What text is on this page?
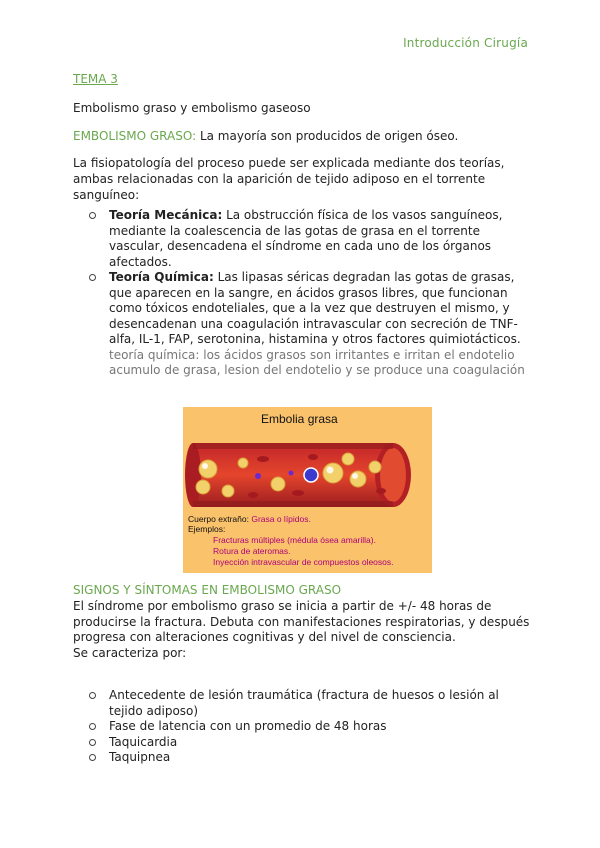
Introducción Cirugía
TEMA 3
Embolismo graso y embolismo gaseoso
EMBOLISMO GRASO: La mayoría son producidos de origen óseo.
La fisiopatología del proceso puede ser explicada mediante dos teorías, ambas relacionadas con la aparición de tejido adiposo en el torrente sanguíneo:
Teoría Mecánica: La obstrucción física de los vasos sanguíneos, mediante la coalescencia de las gotas de grasa en el torrente vascular, desencadena el síndrome en cada uno de los órganos afectados.
Teoría Química: Las lipasas séricas degradan las gotas de grasas, que aparecen en la sangre, en ácidos grasos libres, que funcionan como tóxicos endoteliales, que a la vez que destruyen el mismo, y desencadenan una coagulación intravascular con secreción de TNF-alfa, IL-1, FAP, serotonina, histamina y otros factores quimiotácticos. teoría química: los ácidos grasos son irritantes e irritan el endotelio acumulo de grasa, lesion del endotelio y se produce una coagulación
Embolia grasa
Cuerpo extraño: Grasa o lípidos.
Ejemplos:
Fracturas múltiples (médula ósea amarilla).
Rotura de ateromas.
Inyección intravascular de compuestos oleosos.
SIGNOS Y SÍNTOMAS EN EMBOLISMO GRASO
El síndrome por embolismo graso se inicia a partir de +/- 48 horas de producirse la fractura. Debuta con manifestaciones respiratorias, y después progresa con alteraciones cognitivas y del nivel de consciencia.
Se caracteriza por:
Antecedente de lesión traumática (fractura de huesos o lesión al tejido adiposo)
Fase de latencia con un promedio de 48 horas
Taquicardia
Taquipnea
